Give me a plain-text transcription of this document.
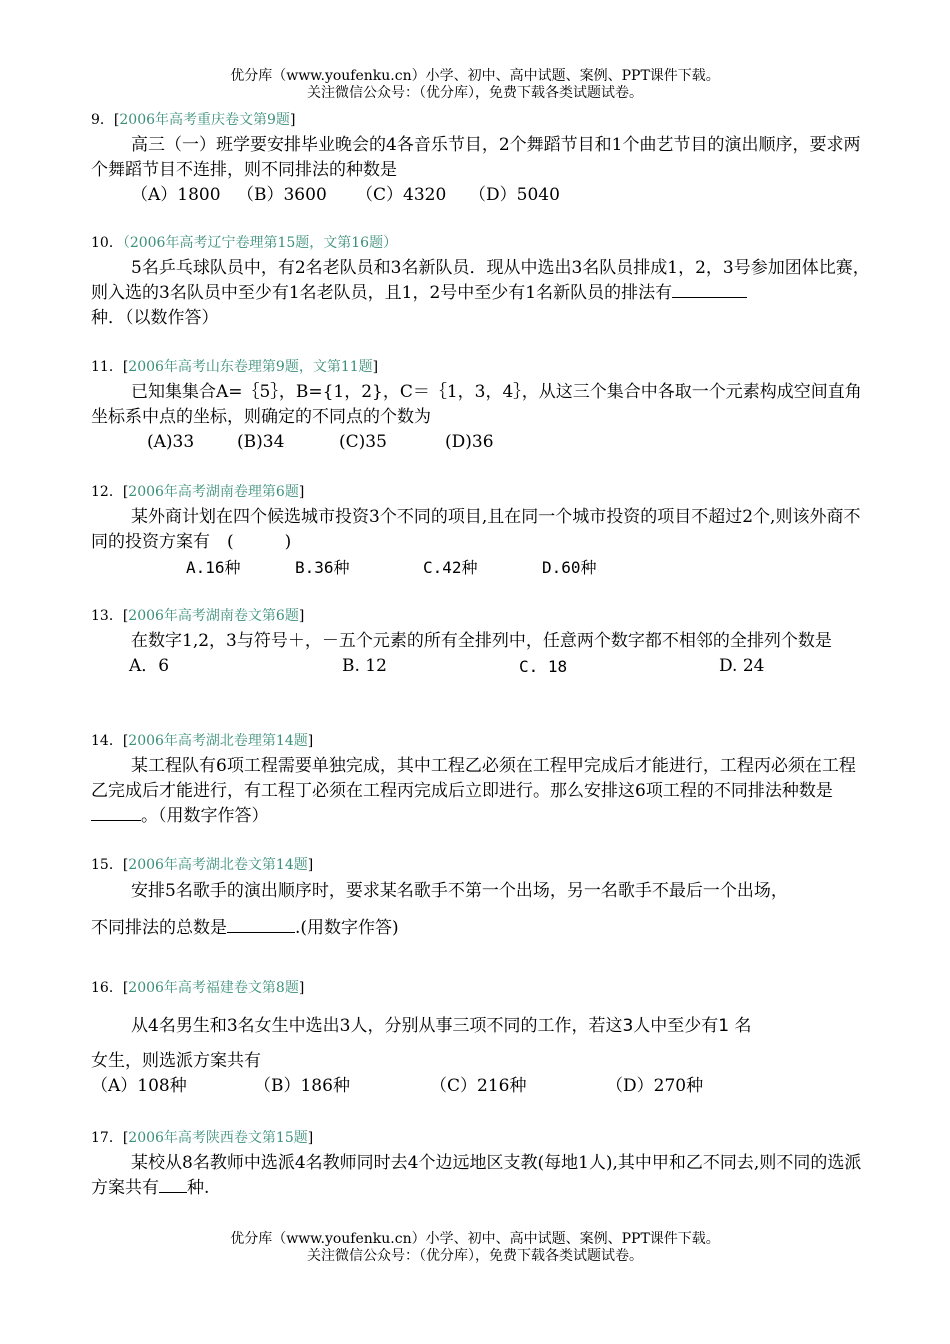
优分库（www.youfenku.cn）小学、初中、高中试题、案例、PPT课件下载。
关注微信公众号：（优分库），免费下载各类试题试卷。
9．[2006年高考重庆卷文第9题]
高三（一）班学要安排毕业晚会的4各音乐节目，2个舞蹈节目和1个曲艺节目的演出顺序，要求两个舞蹈节目不连排，则不同排法的种数是
（A）1800 （B）3600 （C）4320 （D）5040
10．（2006年高考辽宁卷理第15题，文第16题）
5名乒乓球队员中，有2名老队员和3名新队员．现从中选出3名队员排成1，2，3号参加团体比赛，则入选的3名队员中至少有1名老队员，且1，2号中至少有1名新队员的排法有种．（以数作答）
11．[2006年高考山东卷理第9题，文第11题]
已知集集合A=｛5｝，B={1，2}，C＝｛1，3，4｝，从这三个集合中各取一个元素构成空间直角坐标系中点的坐标，则确定的不同点的个数为
(A)33	(B)34	(C)35	(D)36
12．[2006年高考湖南卷理第6题]
某外商计划在四个候选城市投资3个不同的项目,且在同一个城市投资的项目不超过2个,则该外商不同的投资方案有　(　　　)
A.16种	B.36种	C.42种	D.60种
13．[2006年高考湖南卷文第6题]
在数字1,2，3与符号＋，－五个元素的所有全排列中，任意两个数字都不相邻的全排列个数是
A．6	B. 12	C. 18	D. 24
14．[2006年高考湖北卷理第14题]
某工程队有6项工程需要单独完成，其中工程乙必须在工程甲完成后才能进行，工程丙必须在工程乙完成后才能进行，有工程丁必须在工程丙完成后立即进行。那么安排这6项工程的不同排法种数是。（用数字作答）
15．[2006年高考湖北卷文第14题]
安排5名歌手的演出顺序时，要求某名歌手不第一个出场，另一名歌手不最后一个出场，
不同排法的总数是	.(用数字作答)
16．[2006年高考福建卷文第8题]
从4名男生和3名女生中选出3人，分别从事三项不同的工作，若这3人中至少有1 名
女生，则选派方案共有
（A）108种	（B）186种	（C）216种	（D）270种
17．[2006年高考陕西卷文第15题]
某校从8名教师中选派4名教师同时去4个边远地区支教(每地1人),其中甲和乙不同去,则不同的选派方案共有 种.
优分库（www.youfenku.cn）小学、初中、高中试题、案例、PPT课件下载。
关注微信公众号：（优分库），免费下载各类试题试卷。
